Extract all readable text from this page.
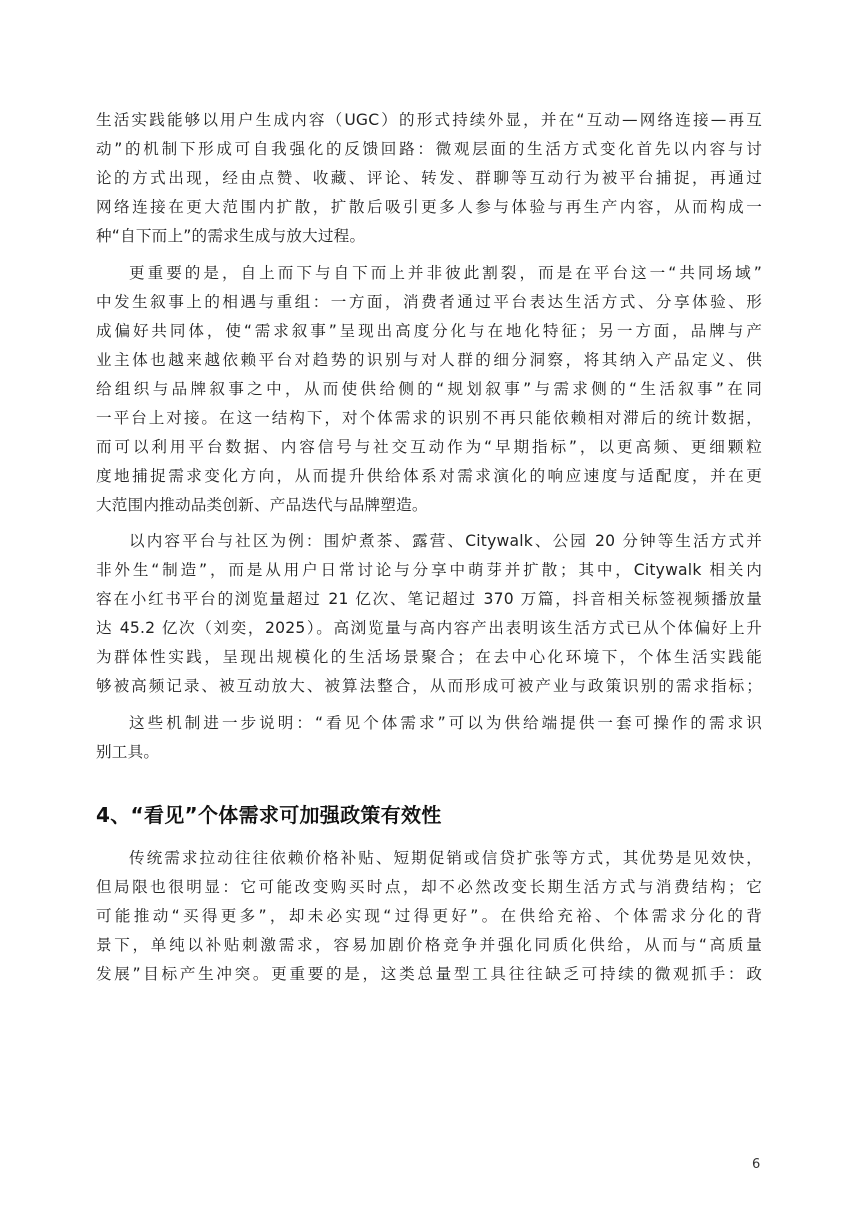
生活实践能够以用户生成内容（UGC）的形式持续外显，并在“互动—网络连接—再互
动”的机制下形成可自我强化的反馈回路：微观层面的生活方式变化首先以内容与讨
论的方式出现，经由点赞、收藏、评论、转发、群聊等互动行为被平台捕捉，再通过
网络连接在更大范围内扩散，扩散后吸引更多人参与体验与再生产内容，从而构成一
种“自下而上”的需求生成与放大过程。
更重要的是，自上而下与自下而上并非彼此割裂，而是在平台这一“共同场域”
中发生叙事上的相遇与重组：一方面，消费者通过平台表达生活方式、分享体验、形
成偏好共同体，使“需求叙事”呈现出高度分化与在地化特征；另一方面，品牌与产
业主体也越来越依赖平台对趋势的识别与对人群的细分洞察，将其纳入产品定义、供
给组织与品牌叙事之中，从而使供给侧的“规划叙事”与需求侧的“生活叙事”在同
一平台上对接。在这一结构下，对个体需求的识别不再只能依赖相对滞后的统计数据，
而可以利用平台数据、内容信号与社交互动作为“早期指标”，以更高频、更细颗粒
度地捕捉需求变化方向，从而提升供给体系对需求演化的响应速度与适配度，并在更
大范围内推动品类创新、产品迭代与品牌塑造。
以内容平台与社区为例：围炉煮茶、露营、Citywalk、公园 20 分钟等生活方式并
非外生“制造”，而是从用户日常讨论与分享中萌芽并扩散；其中，Citywalk 相关内
容在小红书平台的浏览量超过 21 亿次、笔记超过 370 万篇，抖音相关标签视频播放量
达 45.2 亿次（刘奕，2025）。高浏览量与高内容产出表明该生活方式已从个体偏好上升
为群体性实践，呈现出规模化的生活场景聚合；在去中心化环境下，个体生活实践能
够被高频记录、被互动放大、被算法整合，从而形成可被产业与政策识别的需求指标；
这些机制进一步说明：“看见个体需求”可以为供给端提供一套可操作的需求识
别工具。
4、“看见”个体需求可加强政策有效性
传统需求拉动往往依赖价格补贴、短期促销或信贷扩张等方式，其优势是见效快，
但局限也很明显：它可能改变购买时点，却不必然改变长期生活方式与消费结构；它
可能推动“买得更多”，却未必实现“过得更好”。在供给充裕、个体需求分化的背
景下，单纯以补贴刺激需求，容易加剧价格竞争并强化同质化供给，从而与“高质量
发展”目标产生冲突。更重要的是，这类总量型工具往往缺乏可持续的微观抓手：政
6
